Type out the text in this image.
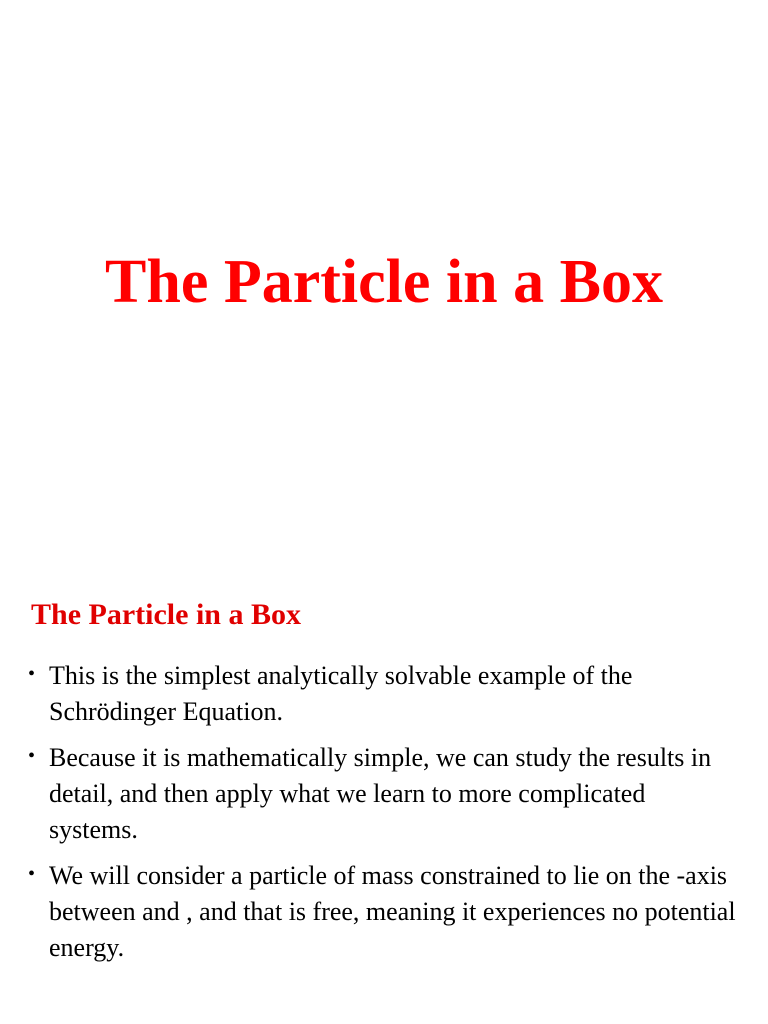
The Particle in a Box
The Particle in a Box
• This is the simplest analytically solvable example of the Schrödinger Equation.
• Because it is mathematically simple, we can study the results in detail, and then apply what we learn to more complicated systems.
• We will consider a particle of mass constrained to lie on the -axis between and , and that is free, meaning it experiences no potential energy.
